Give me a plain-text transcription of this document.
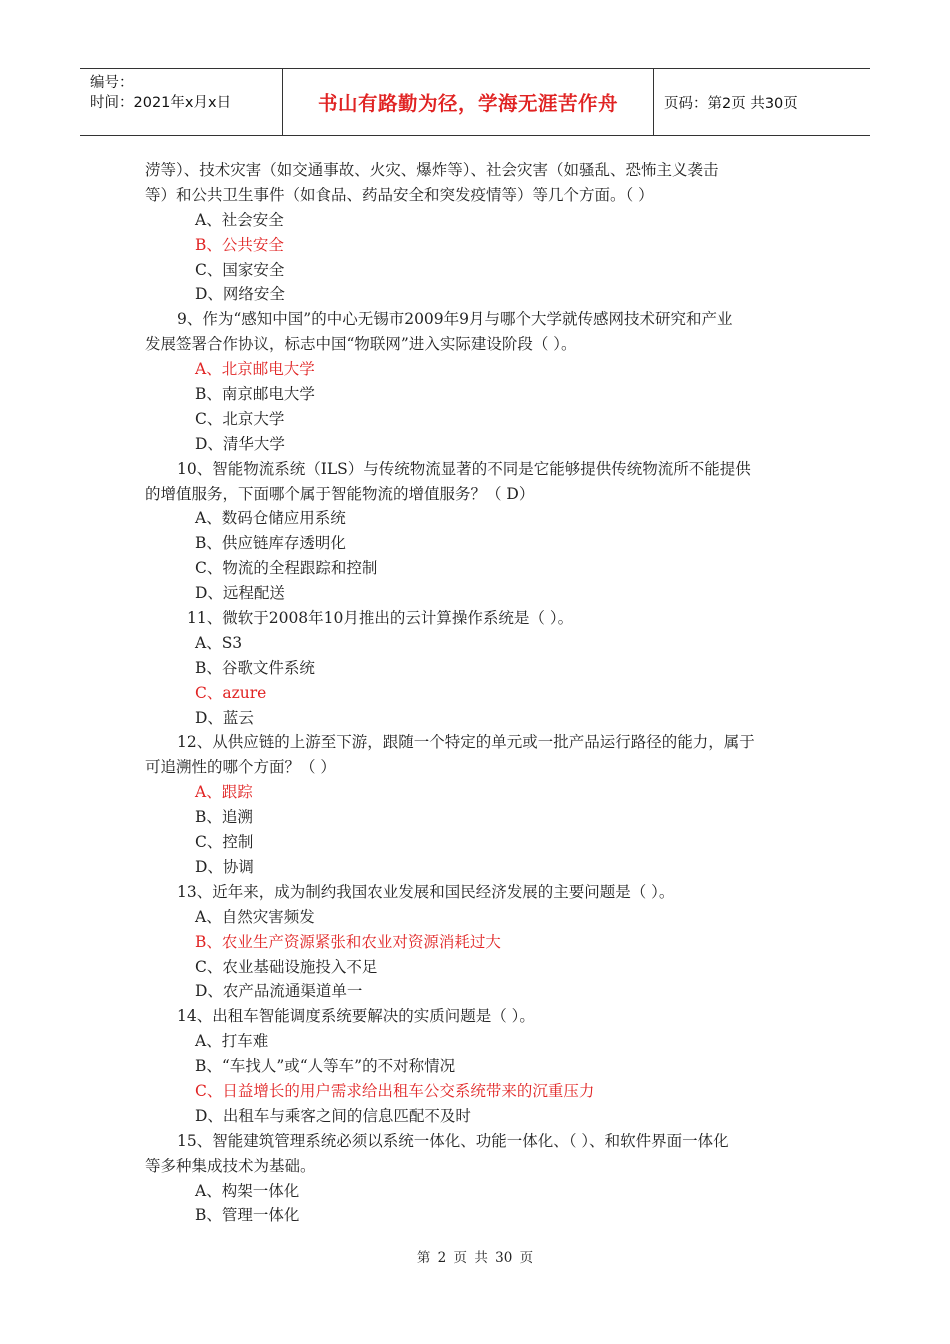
编号：
时间：2021年x月x日	书山有路勤为径，学海无涯苦作舟	页码：第2页 共30页
涝等）、技术灾害（如交通事故、火灾、爆炸等）、社会灾害（如骚乱、恐怖主义袭击
等）和公共卫生事件（如食品、药品安全和突发疫情等）等几个方面。（ ）
A、社会安全
B、公共安全
C、国家安全
D、网络安全
9、作为“感知中国”的中心无锡市2009年9月与哪个大学就传感网技术研究和产业
发展签署合作协议，标志中国“物联网”进入实际建设阶段（ ）。
A、北京邮电大学
B、南京邮电大学
C、北京大学
D、清华大学
10、智能物流系统（ILS）与传统物流显著的不同是它能够提供传统物流所不能提供
的增值服务，下面哪个属于智能物流的增值服务？（ D）
A、数码仓储应用系统
B、供应链库存透明化
C、物流的全程跟踪和控制
D、远程配送
11、微软于2008年10月推出的云计算操作系统是（ ）。
A、S3
B、谷歌文件系统
C、azure
D、蓝云
12、从供应链的上游至下游，跟随一个特定的单元或一批产品运行路径的能力，属于
可追溯性的哪个方面？（ ）
A、跟踪
B、追溯
C、控制
D、协调
13、近年来，成为制约我国农业发展和国民经济发展的主要问题是（ ）。
A、自然灾害频发
B、农业生产资源紧张和农业对资源消耗过大
C、农业基础设施投入不足
D、农产品流通渠道单一
14、出租车智能调度系统要解决的实质问题是（ ）。
A、打车难
B、“车找人”或“人等车”的不对称情况
C、日益增长的用户需求给出租车公交系统带来的沉重压力
D、出租车与乘客之间的信息匹配不及时
15、智能建筑管理系统必须以系统一体化、功能一体化、（ ）、和软件界面一体化
等多种集成技术为基础。
A、构架一体化
B、管理一体化
第 2 页 共 30 页
